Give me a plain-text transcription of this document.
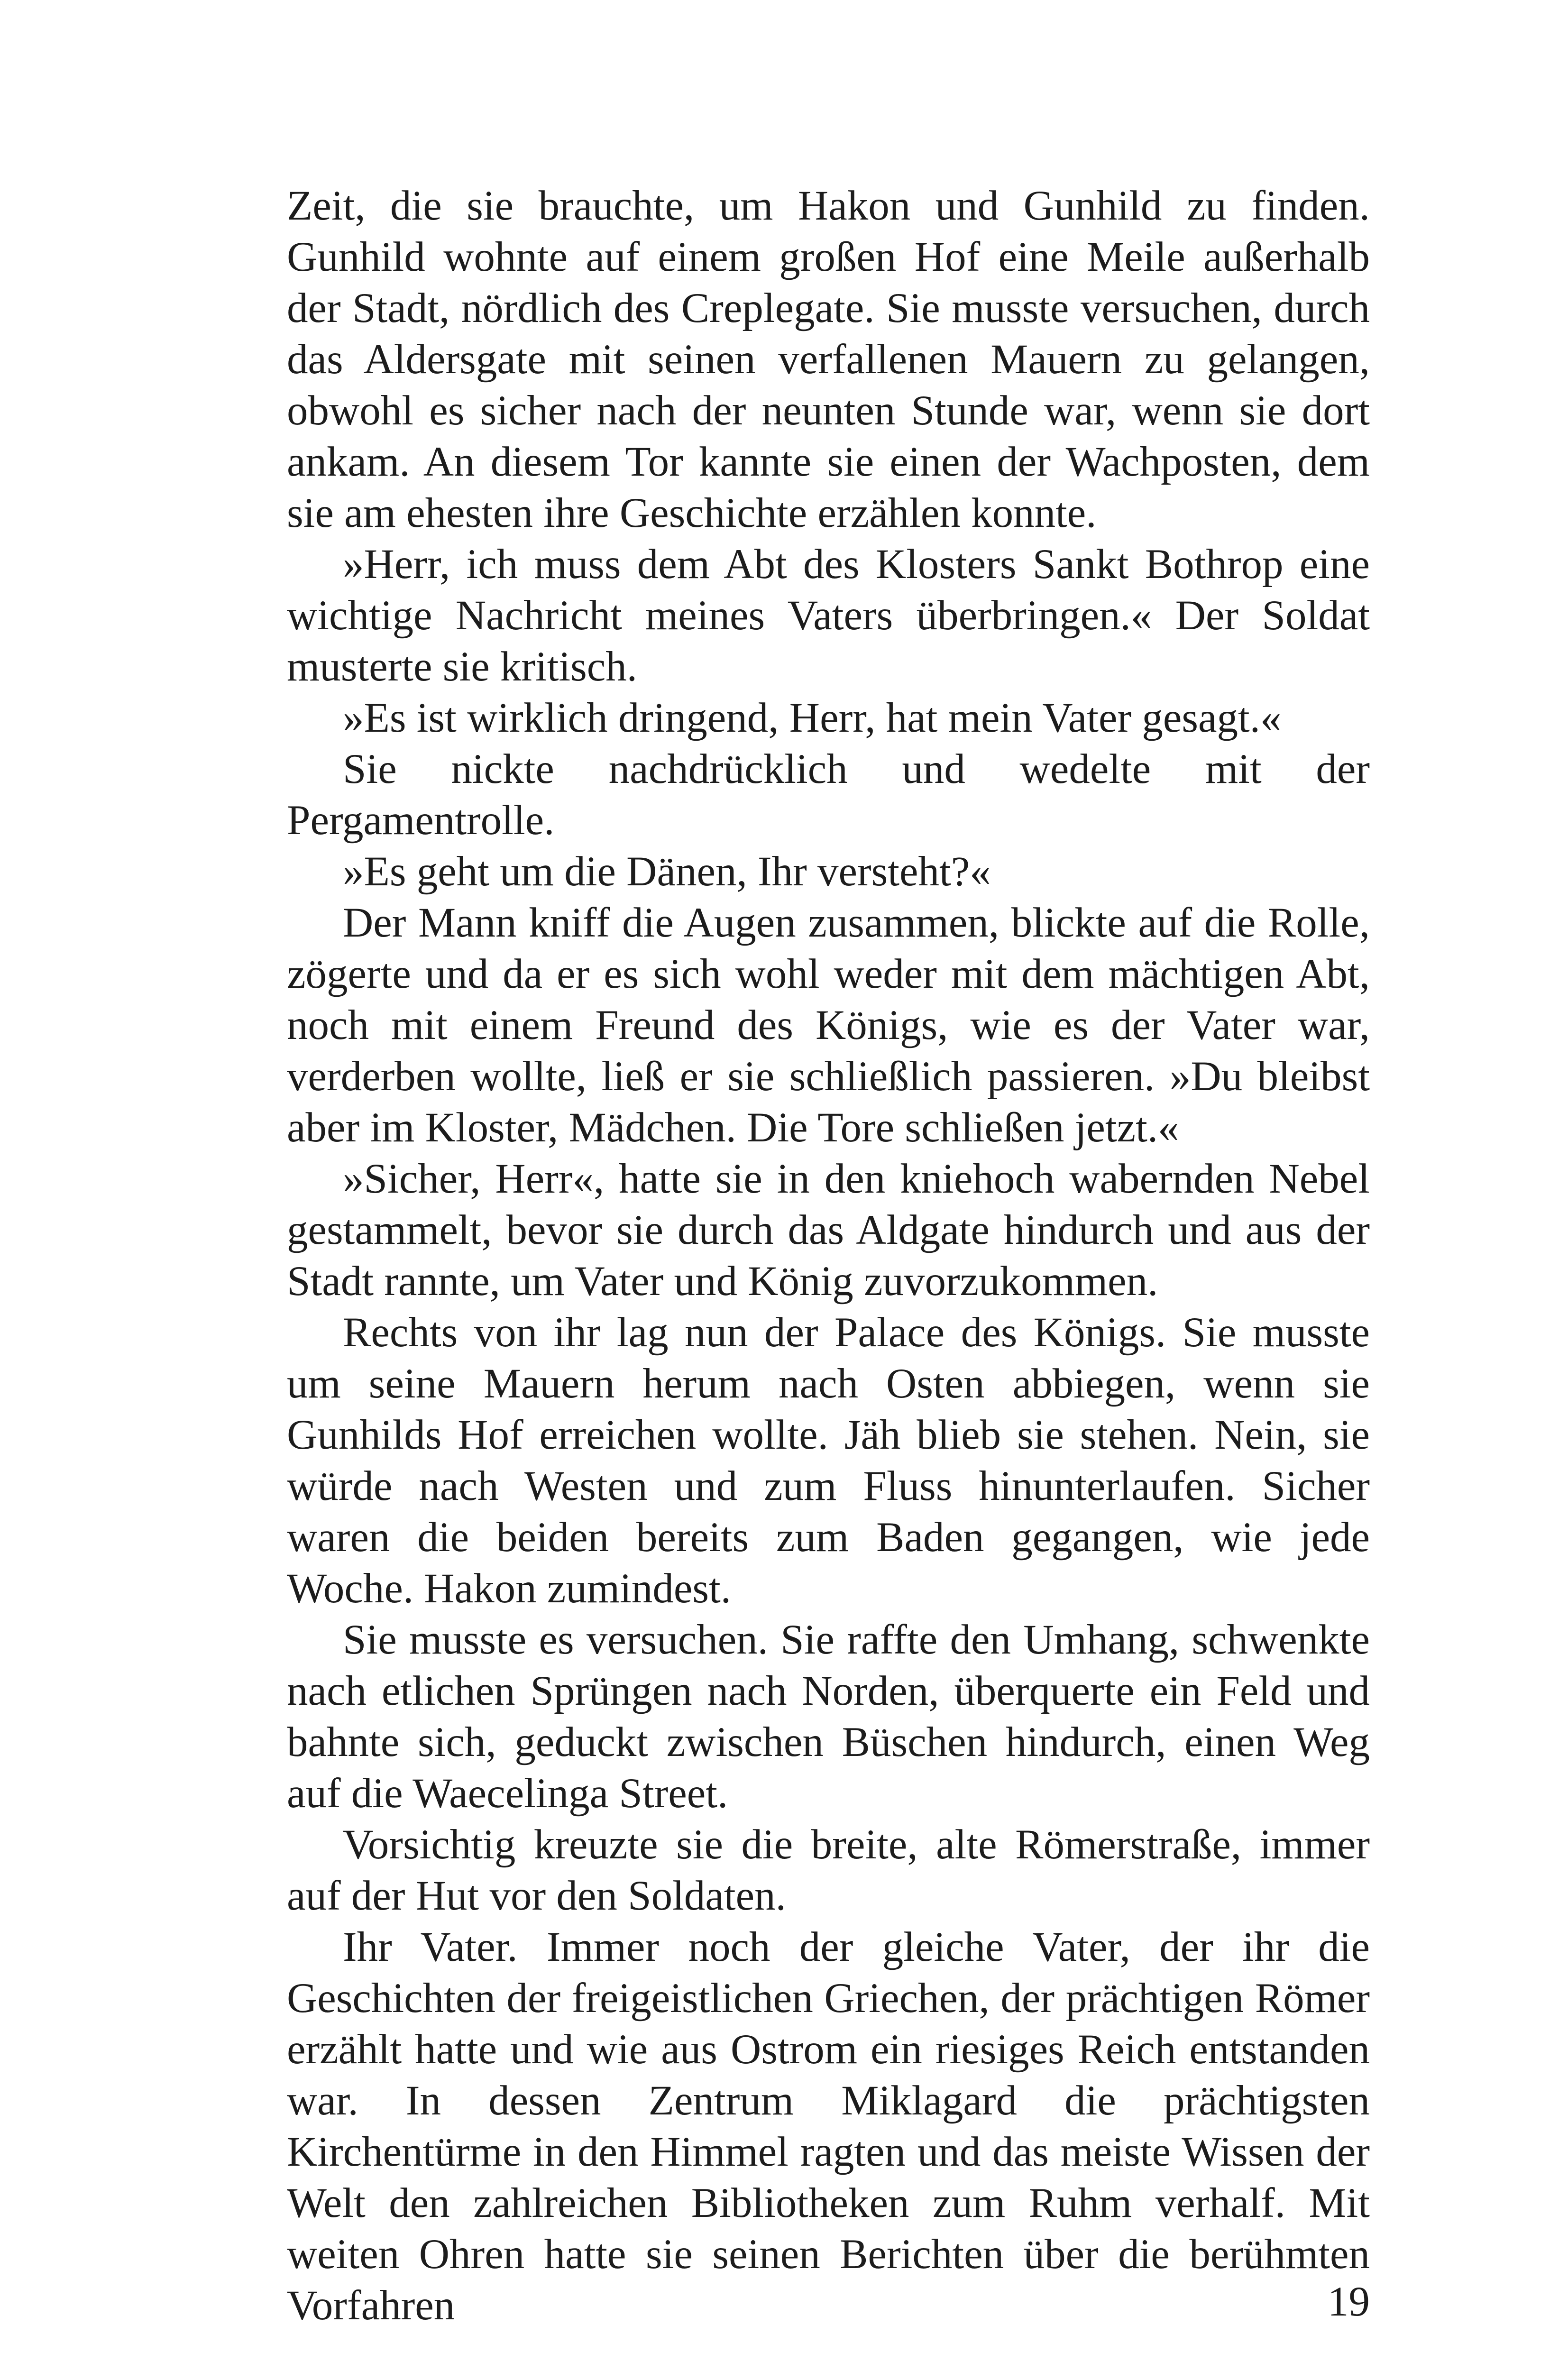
Zeit, die sie brauchte, um Hakon und Gunhild zu finden. Gunhild wohnte auf einem großen Hof eine Meile außerhalb der Stadt, nördlich des Creplegate. Sie musste versuchen, durch das Aldersgate mit seinen verfallenen Mauern zu gelangen, obwohl es sicher nach der neunten Stunde war, wenn sie dort ankam. An diesem Tor kannte sie einen der Wachposten, dem sie am ehesten ihre Geschichte erzählen konnte.

»Herr, ich muss dem Abt des Klosters Sankt Bothrop eine wichtige Nachricht meines Vaters überbringen.« Der Soldat musterte sie kritisch.

»Es ist wirklich dringend, Herr, hat mein Vater gesagt.«

Sie nickte nachdrücklich und wedelte mit der Pergamentrolle.

»Es geht um die Dänen, Ihr versteht?«

Der Mann kniff die Augen zusammen, blickte auf die Rolle, zögerte und da er es sich wohl weder mit dem mächtigen Abt, noch mit einem Freund des Königs, wie es der Vater war, verderben wollte, ließ er sie schließlich passieren. »Du bleibst aber im Kloster, Mädchen. Die Tore schließen jetzt.«

»Sicher, Herr«, hatte sie in den kniehoch wabernden Nebel gestammelt, bevor sie durch das Aldgate hindurch und aus der Stadt rannte, um Vater und König zuvorzukommen.

Rechts von ihr lag nun der Palace des Königs. Sie musste um seine Mauern herum nach Osten abbiegen, wenn sie Gunhilds Hof erreichen wollte. Jäh blieb sie stehen. Nein, sie würde nach Westen und zum Fluss hinunterlaufen. Sicher waren die beiden bereits zum Baden gegangen, wie jede Woche. Hakon zumindest.

Sie musste es versuchen. Sie raffte den Umhang, schwenkte nach etlichen Sprüngen nach Norden, überquerte ein Feld und bahnte sich, geduckt zwischen Büschen hindurch, einen Weg auf die Waecelinga Street.

Vorsichtig kreuzte sie die breite, alte Römerstraße, immer auf der Hut vor den Soldaten.

Ihr Vater. Immer noch der gleiche Vater, der ihr die Geschichten der freigeistlichen Griechen, der prächtigen Römer erzählt hatte und wie aus Ostrom ein riesiges Reich entstanden war. In dessen Zentrum Miklagard die prächtigsten Kirchentürme in den Himmel ragten und das meiste Wissen der Welt den zahlreichen Bibliotheken zum Ruhm verhalf. Mit weiten Ohren hatte sie seinen Berichten über die berühmten Vorfahren	19
